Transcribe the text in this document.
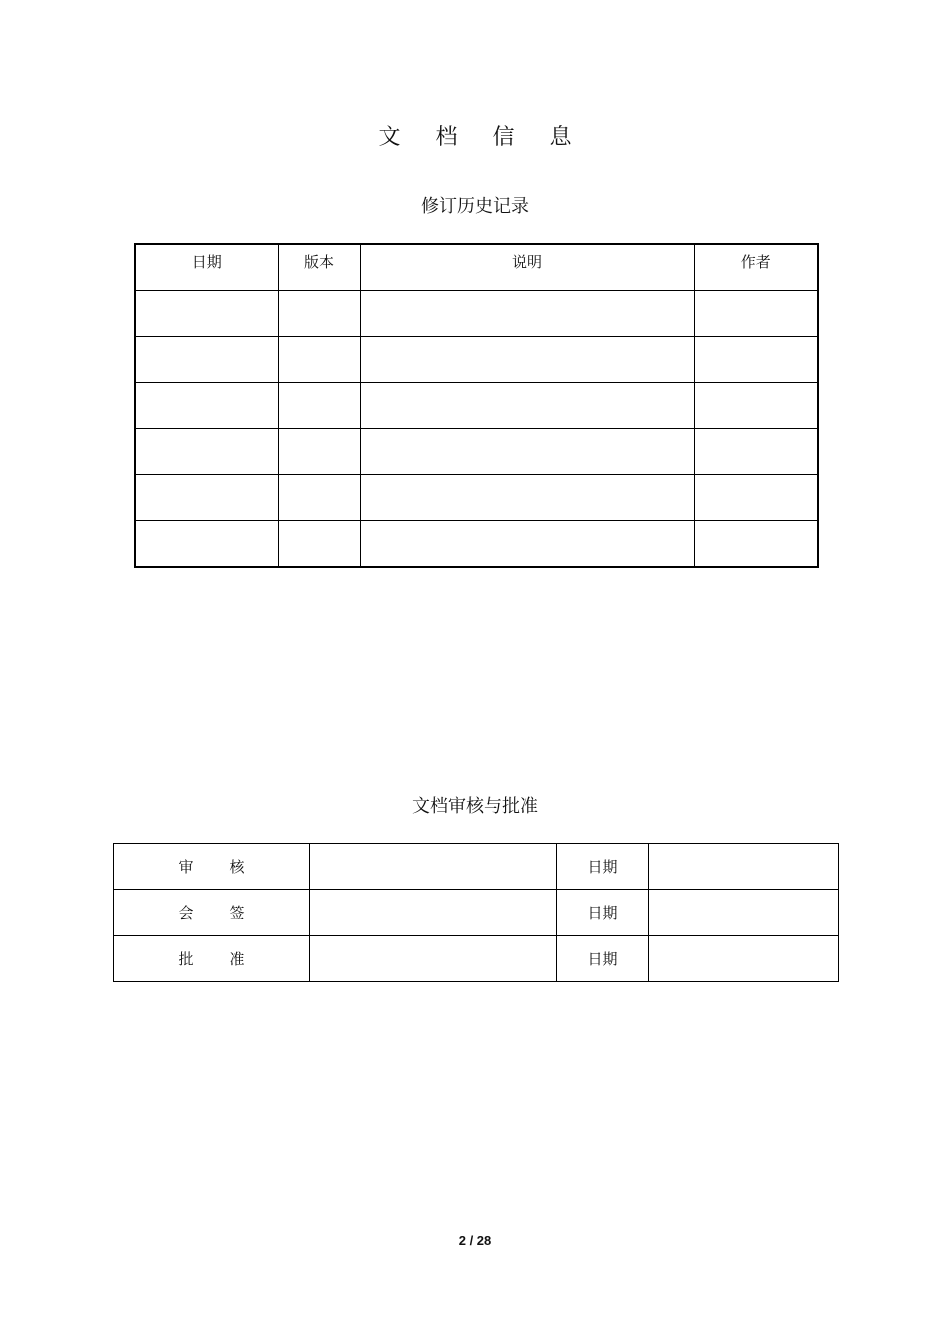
文 档 信 息
修订历史记录
日期	版本	说明	作者

文档审核与批准
审核		日期	
会签		日期	
批准		日期	
2 / 28
